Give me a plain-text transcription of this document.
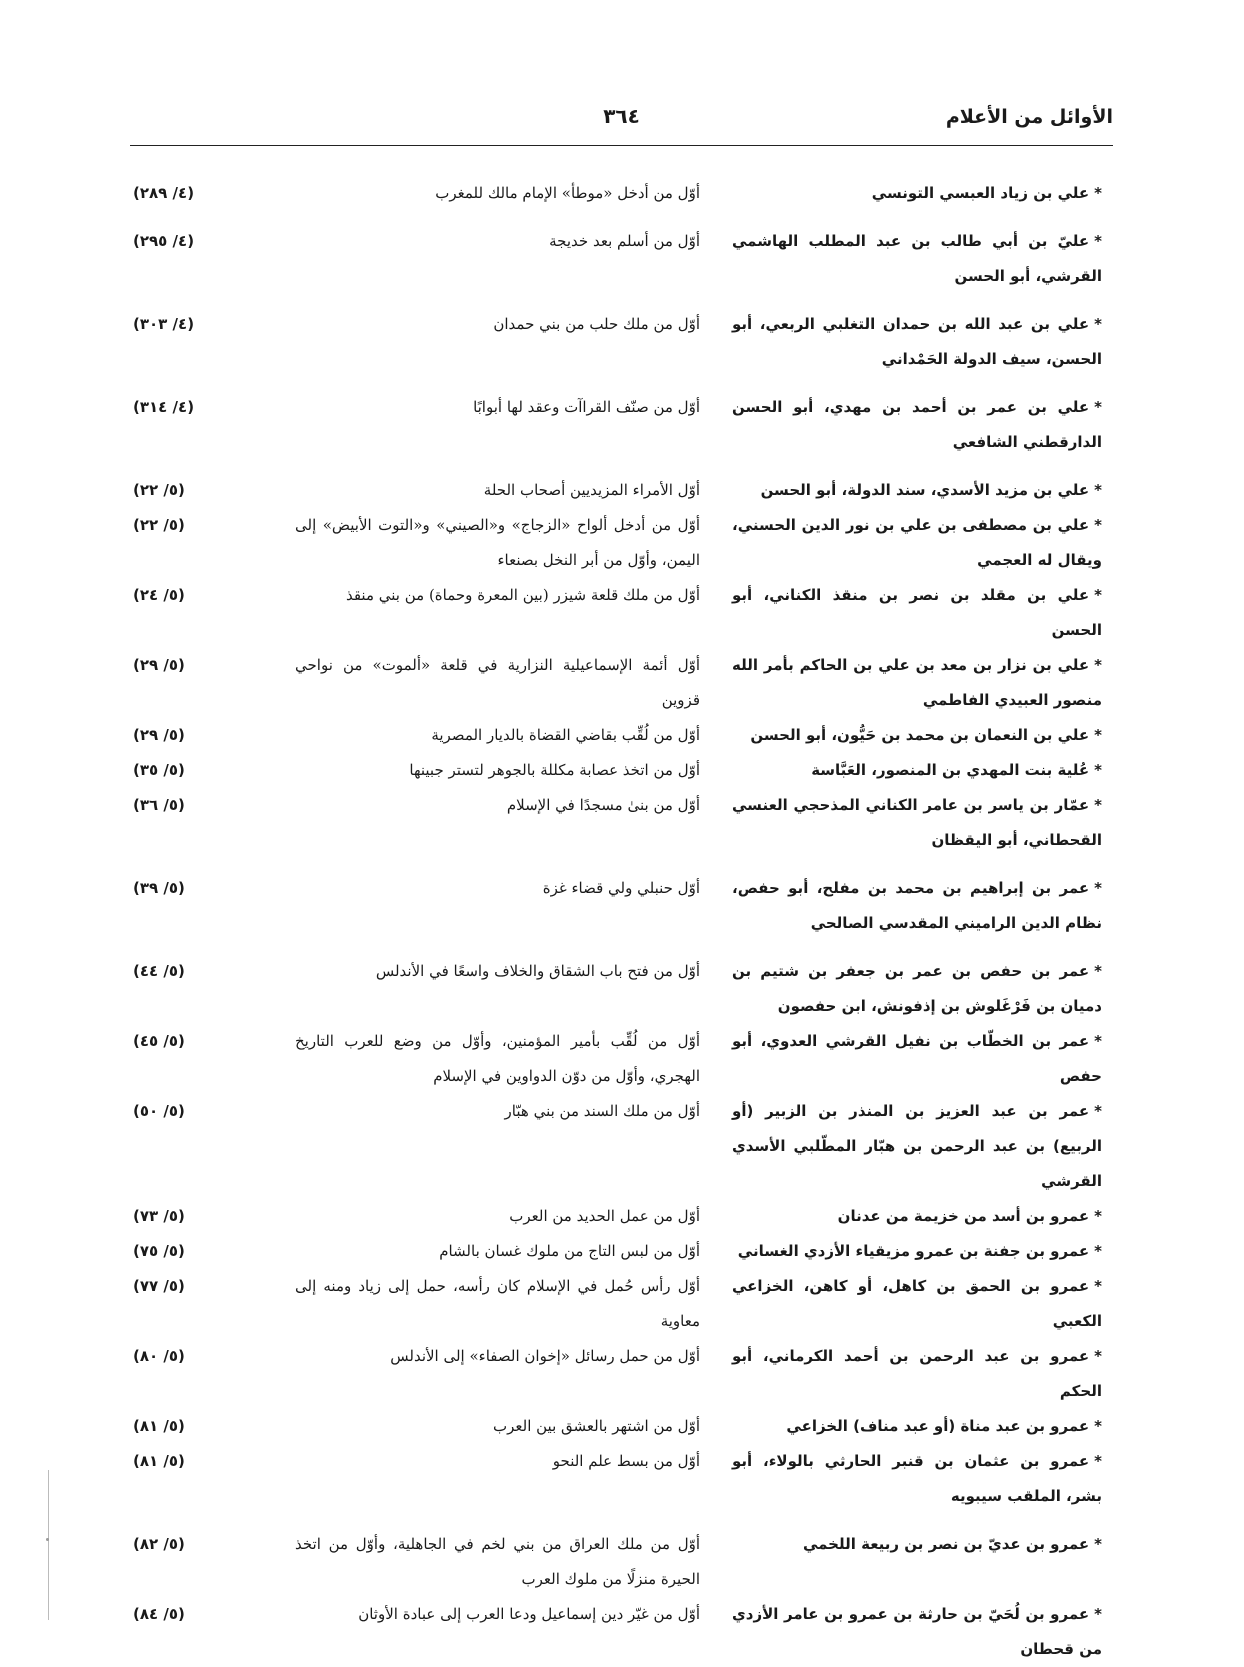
الأوائل من الأعلام
٣٦٤
*علي بن زياد العبسي التونسي
أوّل من أدخل «موطأ» الإمام مالك للمغرب
(٤/ ٢٨٩)
*عليّ بن أبي طالب بن عبد المطلب الهاشمي القرشي، أبو الحسن
أوّل من أسلم بعد خديجة
(٤/ ٢٩٥)
*علي بن عبد الله بن حمدان التغلبي الربعي، أبو الحسن، سيف الدولة الحَمْداني
أوّل من ملك حلب من بني حمدان
(٤/ ٣٠٣)
*علي بن عمر بن أحمد بن مهدي، أبو الحسن الدارقطني الشافعي
أوّل من صنّف القراآت وعقد لها أبوابًا
(٤/ ٣١٤)
*علي بن مزيد الأسدي، سند الدولة، أبو الحسن
أوّل الأمراء المزيديين أصحاب الحلة
(٥/ ٢٢)
*علي بن مصطفى بن علي بن نور الدين الحسني، ويقال له العجمي
أوّل من أدخل ألواح «الزجاج» و«الصيني» و«التوت الأبيض» إلى اليمن، وأوّل من أبر النخل بصنعاء
(٥/ ٢٢)
*علي بن مقلد بن نصر بن منقذ الكناني، أبو الحسن
أوّل من ملك قلعة شيزر (بين المعرة وحماة) من بني منقذ
(٥/ ٢٤)
*علي بن نزار بن معد بن علي بن الحاكم بأمر الله منصور العبيدي الفاطمي
أوّل أئمة الإسماعيلية النزارية في قلعة «ألموت» من نواحي قزوين
(٥/ ٢٩)
*علي بن النعمان بن محمد بن حَيُّون، أبو الحسن
أوّل من لُقِّب بقاضي القضاة بالديار المصرية
(٥/ ٢٩)
*عُلية بنت المهدي بن المنصور، العَبَّاسة
أوّل من اتخذ عصابة مكللة بالجوهر لتستر جبينها
(٥/ ٣٥)
*عمّار بن ياسر بن عامر الكناني المذحجي العنسي القحطاني، أبو اليقظان
أوّل من بنىٰ مسجدًا في الإسلام
(٥/ ٣٦)
*عمر بن إبراهيم بن محمد بن مفلح، أبو حفص، نظام الدين الراميني المقدسي الصالحي
أوّل حنبلي ولي قضاء غزة
(٥/ ٣٩)
*عمر بن حفص بن عمر بن جعفر بن شتيم بن دميان بن فَرْغَلوش بن إذفونش، ابن حفصون
أوّل من فتح باب الشقاق والخلاف واسعًا في الأندلس
(٥/ ٤٤)
*عمر بن الخطّاب بن نفيل القرشي العدوي، أبو حفص
أوّل من لُقِّب بأمير المؤمنين، وأوّل من وضع للعرب التاريخ الهجري، وأوّل من دوّن الدواوين في الإسلام
(٥/ ٤٥)
*عمر بن عبد العزيز بن المنذر بن الزبير (أو الربيع) بن عبد الرحمن بن هبّار المطّلبي الأسدي القرشي
أوّل من ملك السند من بني هبّار
(٥/ ٥٠)
*عمرو بن أسد من خزيمة من عدنان
أوّل من عمل الحديد من العرب
(٥/ ٧٣)
*عمرو بن جفنة بن عمرو مزيقياء الأزدي الغساني
أوّل من لبس التاج من ملوك غسان بالشام
(٥/ ٧٥)
*عمرو بن الحمق بن كاهل، أو كاهن، الخزاعي الكعبي
أوّل رأس حُمل في الإسلام كان رأسه، حمل إلى زياد ومنه إلى معاوية
(٥/ ٧٧)
*عمرو بن عبد الرحمن بن أحمد الكرماني، أبو الحكم
أوّل من حمل رسائل «إخوان الصفاء» إلى الأندلس
(٥/ ٨٠)
*عمرو بن عبد مناة (أو عبد مناف) الخزاعي
أوّل من اشتهر بالعشق بين العرب
(٥/ ٨١)
*عمرو بن عثمان بن قنبر الحارثي بالولاء، أبو بشر، الملقب سيبويه
أوّل من بسط علم النحو
(٥/ ٨١)
*عمرو بن عديّ بن نصر بن ربيعة اللخمي
أوّل من ملك العراق من بني لخم في الجاهلية، وأوّل من اتخذ الحيرة منزلًا من ملوك العرب
(٥/ ٨٢)
*عمرو بن لُحَيّ بن حارثة بن عمرو بن عامر الأزدي من قحطان
أوّل من غيّر دين إسماعيل ودعا العرب إلى عبادة الأوثان
(٥/ ٨٤)
